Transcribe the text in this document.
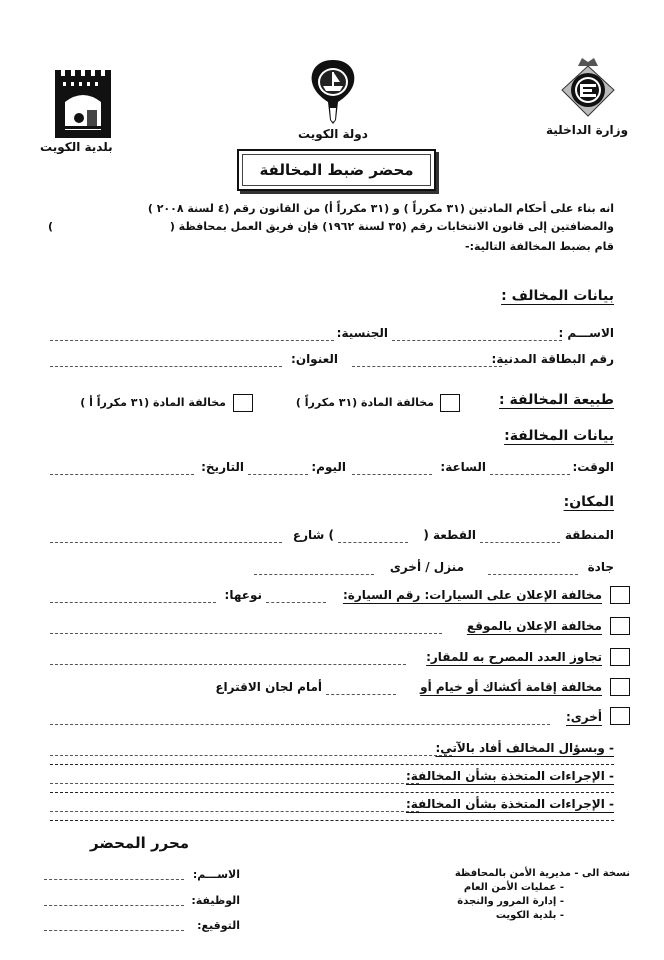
بلدية الكويت
دولة الكويت
محضر ضبط المخالفة
وزارة الداخلية
انه بناء على أحكام المادتين (٣١ مكرراً ) و (٣١ مكرراً أ) من القانون رقم (٤ لسنة ٢٠٠٨ )
والمضافتين إلى قانون الانتخابات رقم (٣٥ لسنة ١٩٦٢) فإن فريق العمل بمحافظة (
)
قام بضبط المخالفة التالية:-
بيانات المخالف :
الاســـم :
الجنسية:
رقم البطاقة المدنية:
العنوان:
طبيعة المخالفة :
مخالفة المادة (٣١ مكرراً )
مخالفة المادة (٣١ مكرراً أ )
بيانات المخالفة:
الوقت:
الساعة:
اليوم:
التاريخ:
المكان:
المنطقة
القطعة (
) شارع
جادة
منزل / أخرى
مخالفة الإعلان على السيارات: رقم السيارة:
نوعها:
مخالفة الإعلان بالموقع
تجاوز العدد المصرح به للمقار:
مخالفة إقامة أكشاك أو خيام أو
أمام لجان الاقتراع
أخرى:
- وبسؤال المخالف أفاد بالآتي:
- الإجراءات المتخذة بشأن المخالفة:
- الإجراءات المتخذة بشأن المخالفة:
محرر المحضر
الاســـم:
الوظيفة:
التوقيع:
نسخة الى - مديرية الأمن بالمحافظة
- عمليات الأمن العام
- إدارة المرور والنجدة
- بلدية الكويت
